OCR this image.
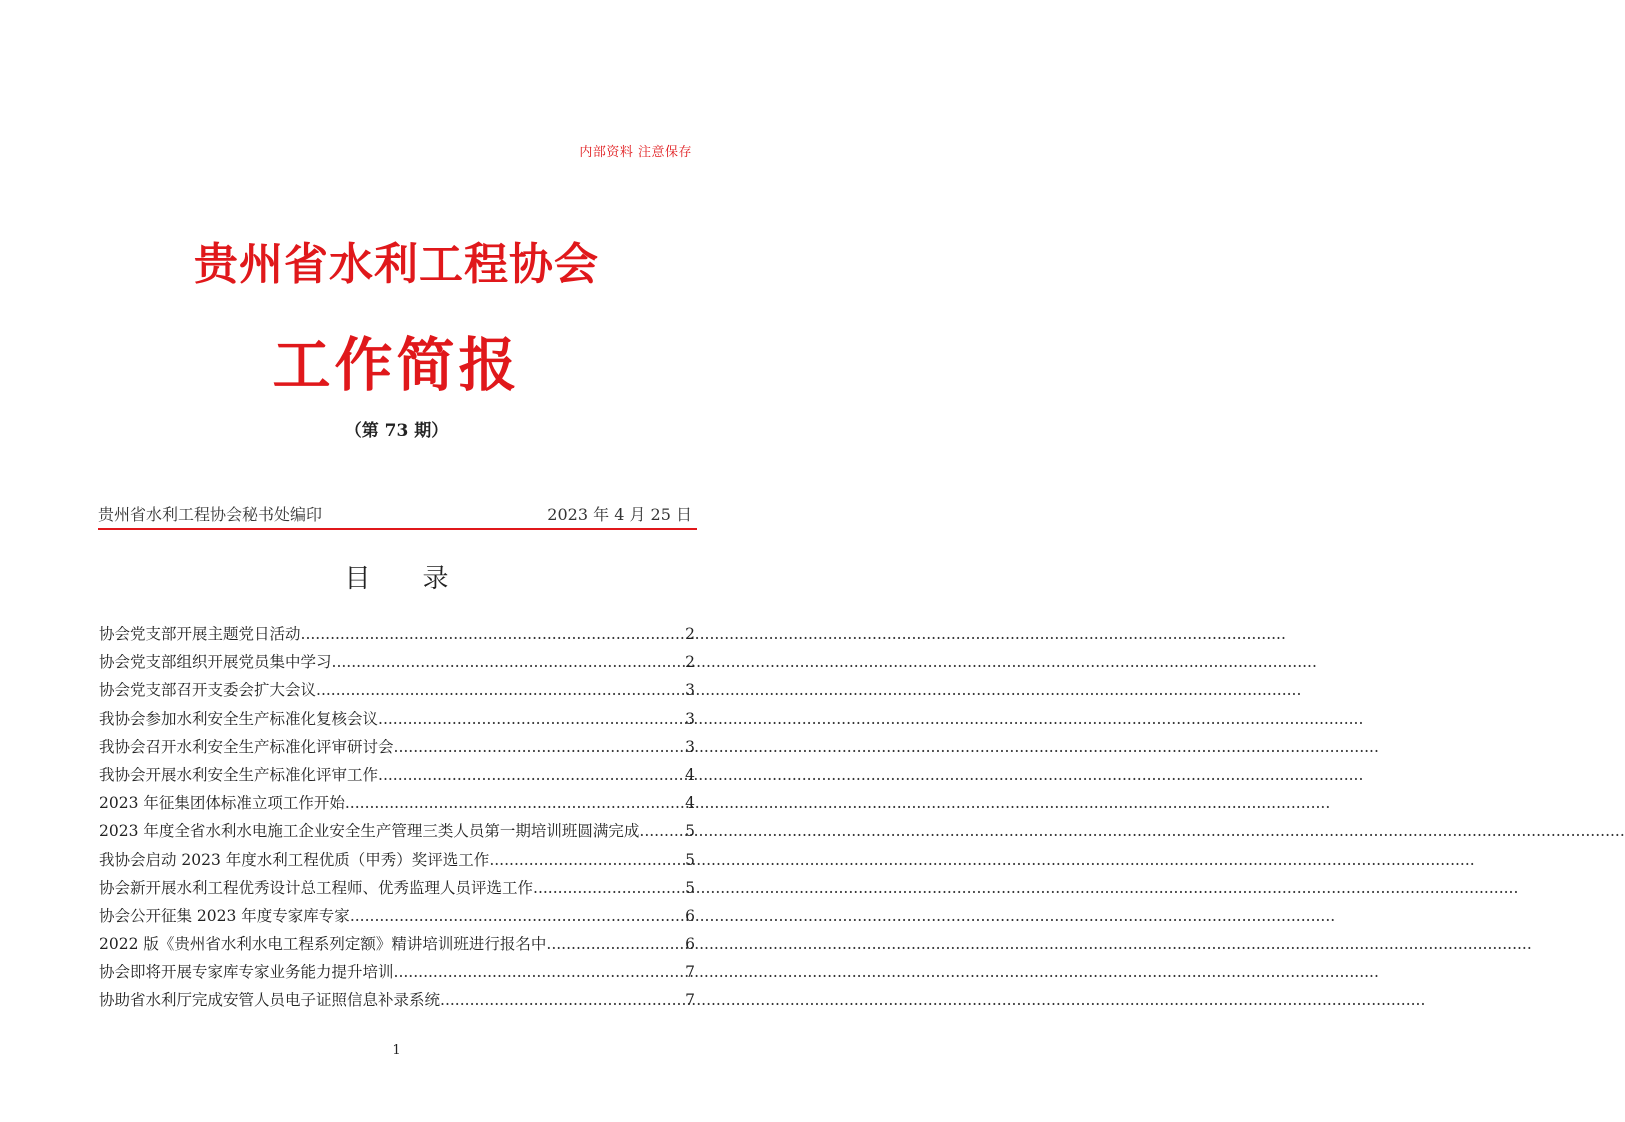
内部资料 注意保存
贵州省水利工程协会
工作简报
（第 73 期）
贵州省水利工程协会秘书处编印	2023 年 4 月 25 日
目 录
协会党支部开展主题党日活动 .....	2
协会党支部组织开展党员集中学习 .....	2
协会党支部召开支委会扩大会议 .....	3
我协会参加水利安全生产标准化复核会议 .....	3
我协会召开水利安全生产标准化评审研讨会 .....	3
我协会开展水利安全生产标准化评审工作 .....	4
2023 年征集团体标准立项工作开始 .....	4
2023 年度全省水利水电施工企业安全生产管理三类人员第一期培训班圆满完成 .....	5
我协会启动 2023 年度水利工程优质（甲秀）奖评选工作 .....	5
协会新开展水利工程优秀设计总工程师、优秀监理人员评选工作 .....	5
协会公开征集 2023 年度专家库专家 .....	6
2022 版《贵州省水利水电工程系列定额》精讲培训班进行报名中 .....	6
协会即将开展专家库专家业务能力提升培训 .....	7
协助省水利厅完成安管人员电子证照信息补录系统 .....	7
1
